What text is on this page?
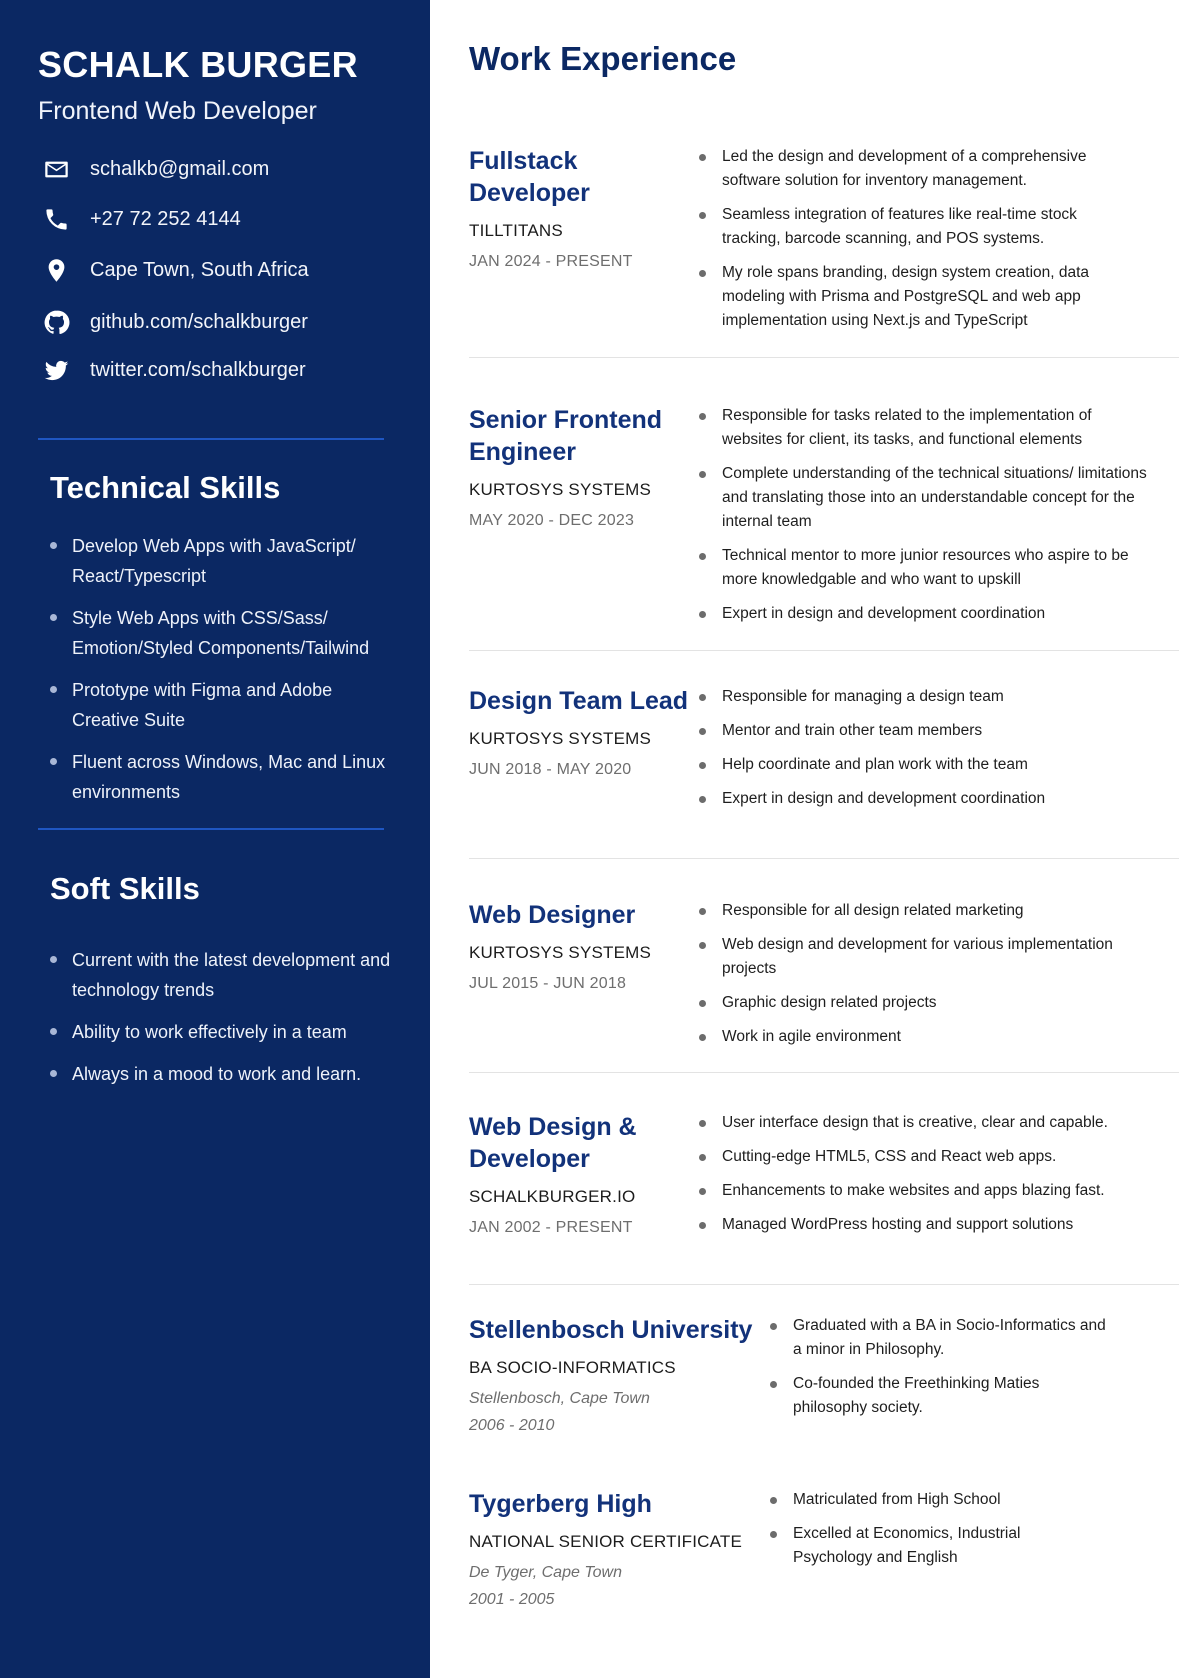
SCHALK BURGER
Frontend Web Developer
schalkb@gmail.com
+27 72 252 4144
Cape Town, South Africa
github.com/schalkburger
twitter.com/schalkburger
Technical Skills
Develop Web Apps with JavaScript/ React/Typescript
Style Web Apps with CSS/Sass/ Emotion/Styled Components/Tailwind
Prototype with Figma and Adobe Creative Suite
Fluent across Windows, Mac and Linux environments
Soft Skills
Current with the latest development and technology trends
Ability to work effectively in a team
Always in a mood to work and learn.
Work Experience
Fullstack Developer
TILLTITANS
JAN 2024 - PRESENT
Led the design and development of a comprehensive software solution for inventory management.
Seamless integration of features like real-time stock tracking, barcode scanning, and POS systems.
My role spans branding, design system creation, data modeling with Prisma and PostgreSQL and web app implementation using Next.js and TypeScript
Senior Frontend Engineer
KURTOSYS SYSTEMS
MAY 2020 - DEC 2023
Responsible for tasks related to the implementation of websites for client, its tasks, and functional elements
Complete understanding of the technical situations/ limitations and translating those into an understandable concept for the internal team
Technical mentor to more junior resources who aspire to be more knowledgable and who want to upskill
Expert in design and development coordination
Design Team Lead
KURTOSYS SYSTEMS
JUN 2018 - MAY 2020
Responsible for managing a design team
Mentor and train other team members
Help coordinate and plan work with the team
Expert in design and development coordination
Web Designer
KURTOSYS SYSTEMS
JUL 2015 - JUN 2018
Responsible for all design related marketing
Web design and development for various implementation projects
Graphic design related projects
Work in agile environment
Web Design & Developer
SCHALKBURGER.IO
JAN 2002 - PRESENT
User interface design that is creative, clear and capable.
Cutting-edge HTML5, CSS and React web apps.
Enhancements to make websites and apps blazing fast.
Managed WordPress hosting and support solutions
Stellenbosch University
BA SOCIO-INFORMATICS
Stellenbosch, Cape Town
2006 - 2010
Graduated with a BA in Socio-Informatics and a minor in Philosophy.
Co-founded the Freethinking Maties philosophy society.
Tygerberg High
NATIONAL SENIOR CERTIFICATE
De Tyger, Cape Town
2001 - 2005
Matriculated from High School
Excelled at Economics, Industrial Psychology and English
